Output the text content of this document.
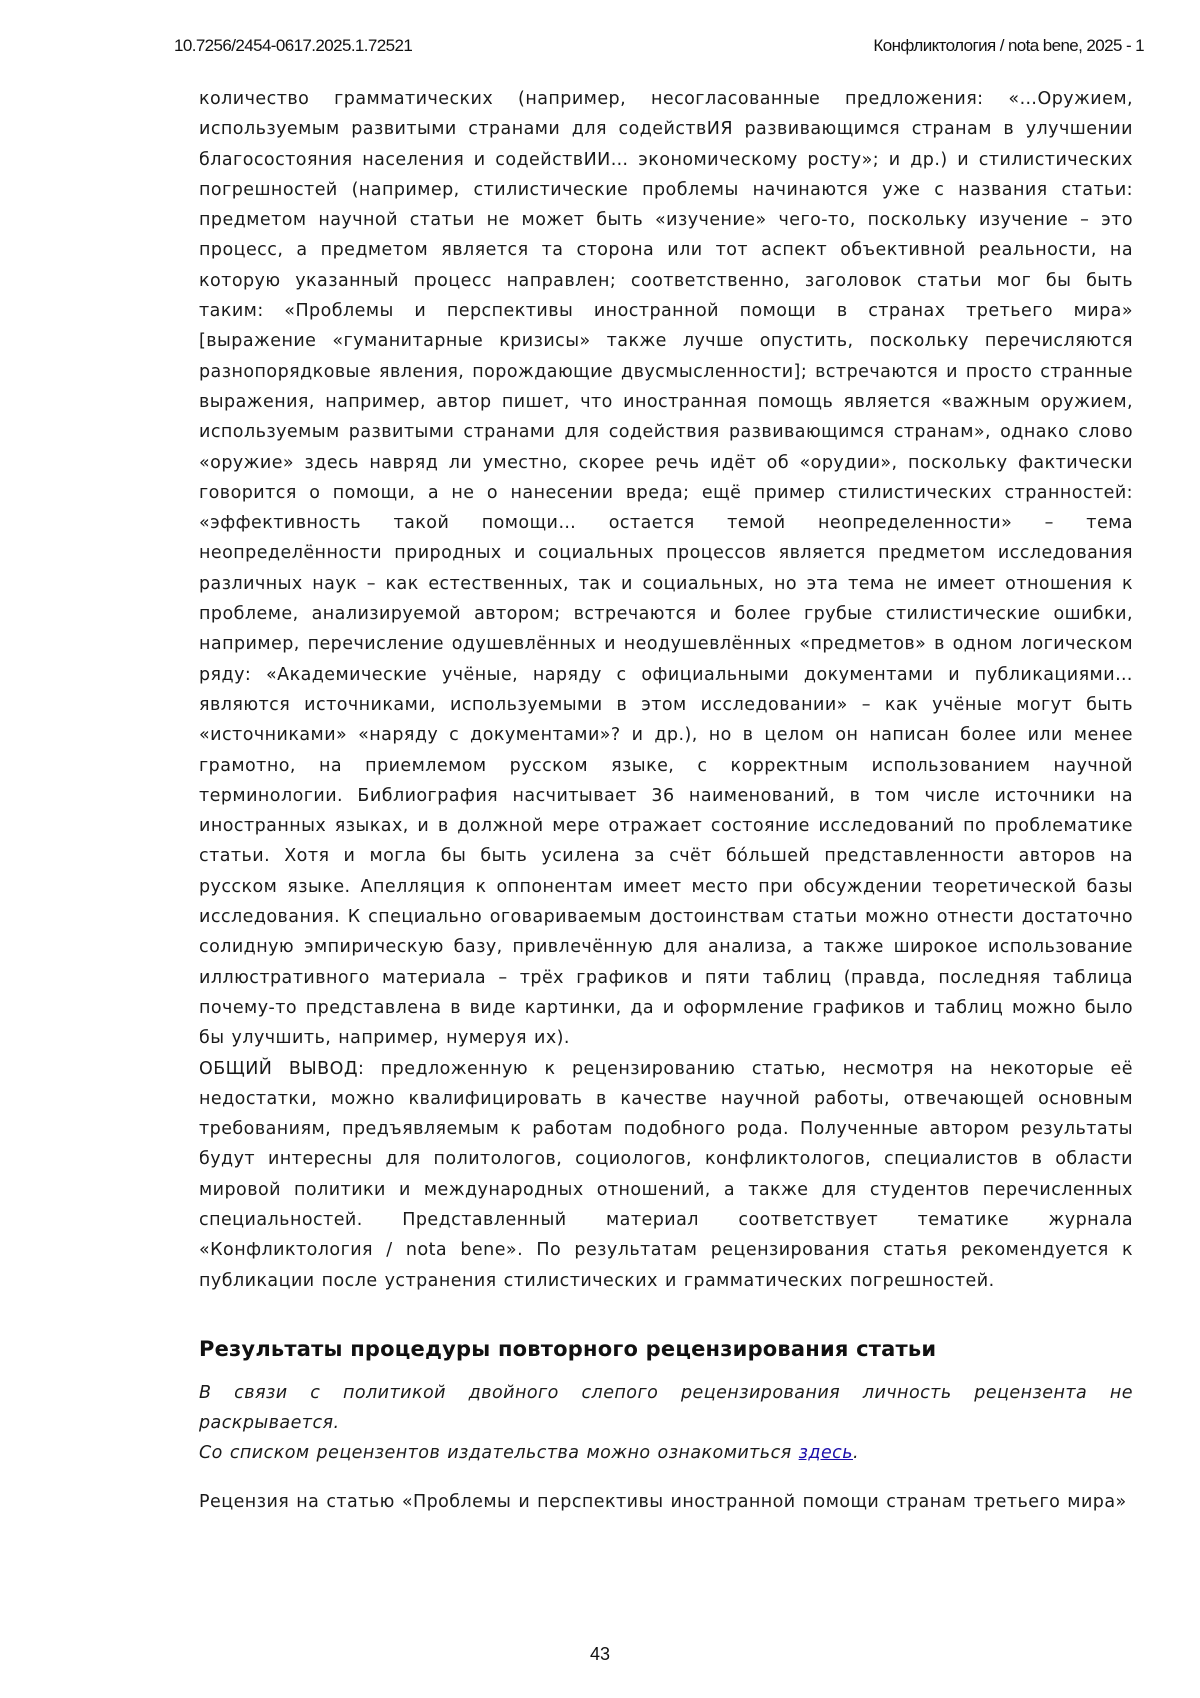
10.7256/2454-0617.2025.1.72521	Конфликтология / nota bene, 2025 - 1

количество грамматических (например, несогласованные предложения: «…Оружием, используемым развитыми странами для содействИЯ развивающимся странам в улучшении благосостояния населения и содействИИ… экономическому росту»; и др.) и стилистических погрешностей (например, стилистические проблемы начинаются уже с названия статьи: предметом научной статьи не может быть «изучение» чего-то, поскольку изучение – это процесс, а предметом является та сторона или тот аспект объективной реальности, на которую указанный процесс направлен; соответственно, заголовок статьи мог бы быть таким: «Проблемы и перспективы иностранной помощи в странах третьего мира» [выражение «гуманитарные кризисы» также лучше опустить, поскольку перечисляются разнопорядковые явления, порождающие двусмысленности]; встречаются и просто странные выражения, например, автор пишет, что иностранная помощь является «важным оружием, используемым развитыми странами для содействия развивающимся странам», однако слово «оружие» здесь навряд ли уместно, скорее речь идёт об «орудии», поскольку фактически говорится о помощи, а не о нанесении вреда; ещё пример стилистических странностей: «эффективность такой помощи… остается темой неопределенности» – тема неопределённости природных и социальных процессов является предметом исследования различных наук – как естественных, так и социальных, но эта тема не имеет отношения к проблеме, анализируемой автором; встречаются и более грубые стилистические ошибки, например, перечисление одушевлённых и неодушевлённых «предметов» в одном логическом ряду: «Академические учёные, наряду с официальными документами и публикациями… являются источниками, используемыми в этом исследовании» – как учёные могут быть «источниками» «наряду с документами»? и др.), но в целом он написан более или менее грамотно, на приемлемом русском языке, с корректным использованием научной терминологии. Библиография насчитывает 36 наименований, в том числе источники на иностранных языках, и в должной мере отражает состояние исследований по проблематике статьи. Хотя и могла бы быть усилена за счёт бóльшей представленности авторов на русском языке. Апелляция к оппонентам имеет место при обсуждении теоретической базы исследования. К специально оговариваемым достоинствам статьи можно отнести достаточно солидную эмпирическую базу, привлечённую для анализа, а также широкое использование иллюстративного материала – трёх графиков и пяти таблиц (правда, последняя таблица почему-то представлена в виде картинки, да и оформление графиков и таблиц можно было бы улучшить, например, нумеруя их).

ОБЩИЙ ВЫВОД: предложенную к рецензированию статью, несмотря на некоторые её недостатки, можно квалифицировать в качестве научной работы, отвечающей основным требованиям, предъявляемым к работам подобного рода. Полученные автором результаты будут интересны для политологов, социологов, конфликтологов, специалистов в области мировой политики и международных отношений, а также для студентов перечисленных специальностей. Представленный материал соответствует тематике журнала «Конфликтология / nota bene». По результатам рецензирования статья рекомендуется к публикации после устранения стилистических и грамматических погрешностей.

Результаты процедуры повторного рецензирования статьи

В связи с политикой двойного слепого рецензирования личность рецензента не раскрывается.

Со списком рецензентов издательства можно ознакомиться здесь.

Рецензия на статью «Проблемы и перспективы иностранной помощи странам третьего мира»

43
